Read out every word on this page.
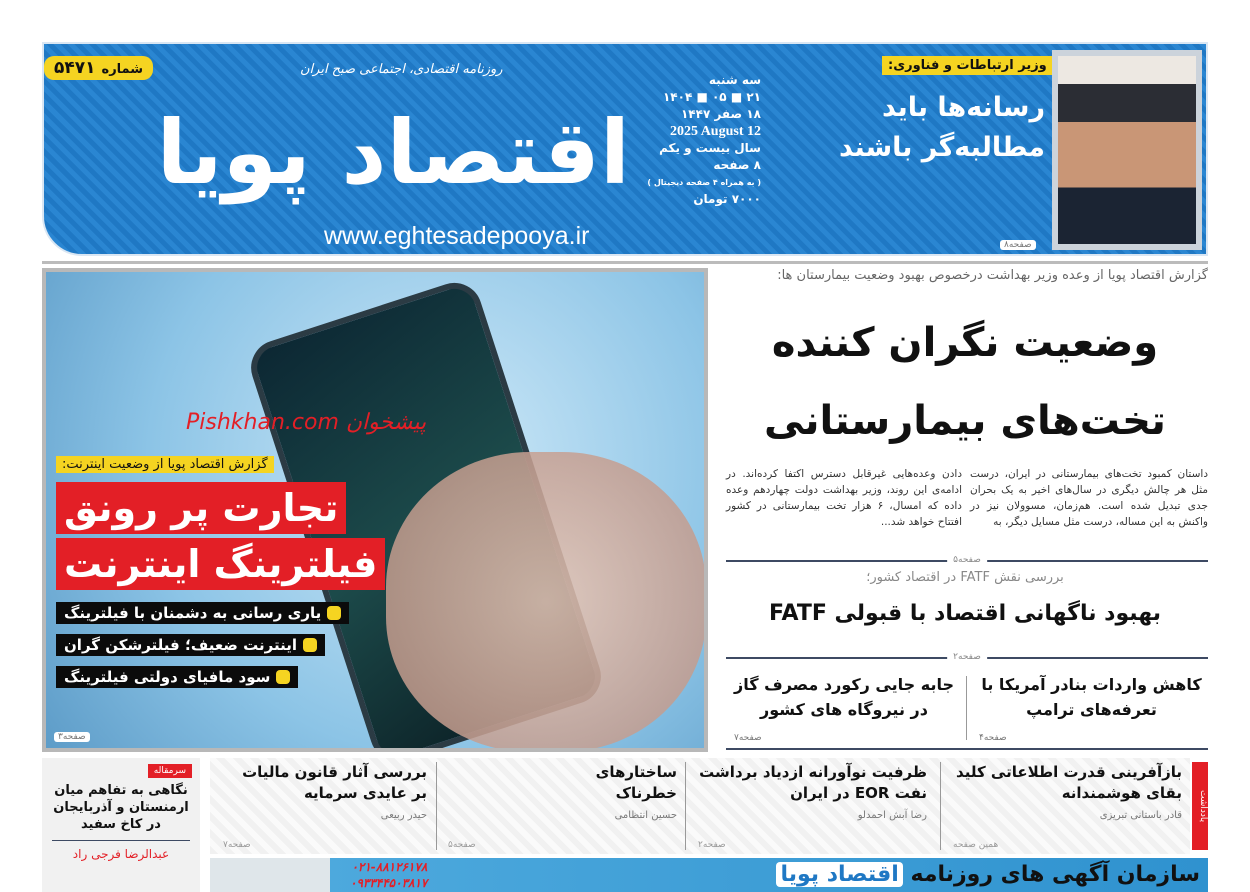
روزنامه اقتصادی، اجتماعی صبح ایران
اقتصاد پویا
شماره۵۴۷۱
www.eghtesadepooya.ir
سه شنبه
۲۱ ■ ۰۵ ■ ۱۴۰۴
۱۸ صفر ۱۴۴۷
2025 August 12
سال بیست و یکم
۸ صفحه
( به همراه ۴ صفحه دیجیتال )
۷۰۰۰ تومان
وزیر ارتباطات و فناوری:
رسانه‌ها باید
مطالبه‌گر باشند
صفحه۸
پیشخوان Pishkhan.com
گزارش اقتصاد پویا از وضعیت اینترنت:
تجارت پر رونق
فیلترینگ اینترنت
یاری رسانی به دشمنان با فیلترینگ
اینترنت ضعیف؛ فیلترشکن گران
سود مافیای دولتی فیلترینگ
صفحه۳
گزارش اقتصاد پویا از وعده وزیر بهداشت درخصوص بهبود وضعیت بیمارستان ها:
وضعیت نگران کننده
تخت‌های بیمارستانی
داستان کمبود تخت‌های بیمارستانی در ایران، درست مثل هر چالش دیگری در سال‌های اخیر به یک بحران جدی تبدیل شده است. هم‌زمان، مسوولان نیز در واکنش به این مساله، درست مثل مسایل دیگر، به
دادن وعده‌هایی غیرقابل دسترس اکتفا کرده‌اند. در ادامه‌ی این روند، وزیر بهداشت دولت چهاردهم وعده داده که امسال، ۶ هزار تخت بیمارستانی در کشور افتتاح خواهد شد...
صفحه۵
بررسی نقش FATF در اقتصاد کشور؛
بهبود ناگهانی اقتصاد با قبولی FATF
صفحه۲
کاهش واردات بنادر آمریکا با تعرفه‌های ترامپ
صفحه۴
جابه جایی رکورد مصرف گاز در نیروگاه های کشور
صفحه۷
یادداشت
بازآفرینی قدرت اطلاعاتی کلید بقای هوشمندانه
قادر باستانی تبریزی
همین صفحه
ظرفیت نوآورانه ازدیاد برداشت نفت EOR در ایران
رضا آبش احمدلو
صفحه۲
ساختارهای خطرناک
حسین انتظامی
صفحه۵
بررسی آثار قانون مالیات بر عایدی سرمایه
حیدر ربیعی
صفحه۷
سرمقاله
نگاهی به تفاهم میان ارمنستان و آذربایجان در کاخ سفید
عبدالرضا فرجی راد
سازمان آگهی های روزنامه اقتصاد پویا
۰۲۱-۸۸۱۲۶۱۷۸
۰۹۳۳۴۴۵۰۳۸۱۷
